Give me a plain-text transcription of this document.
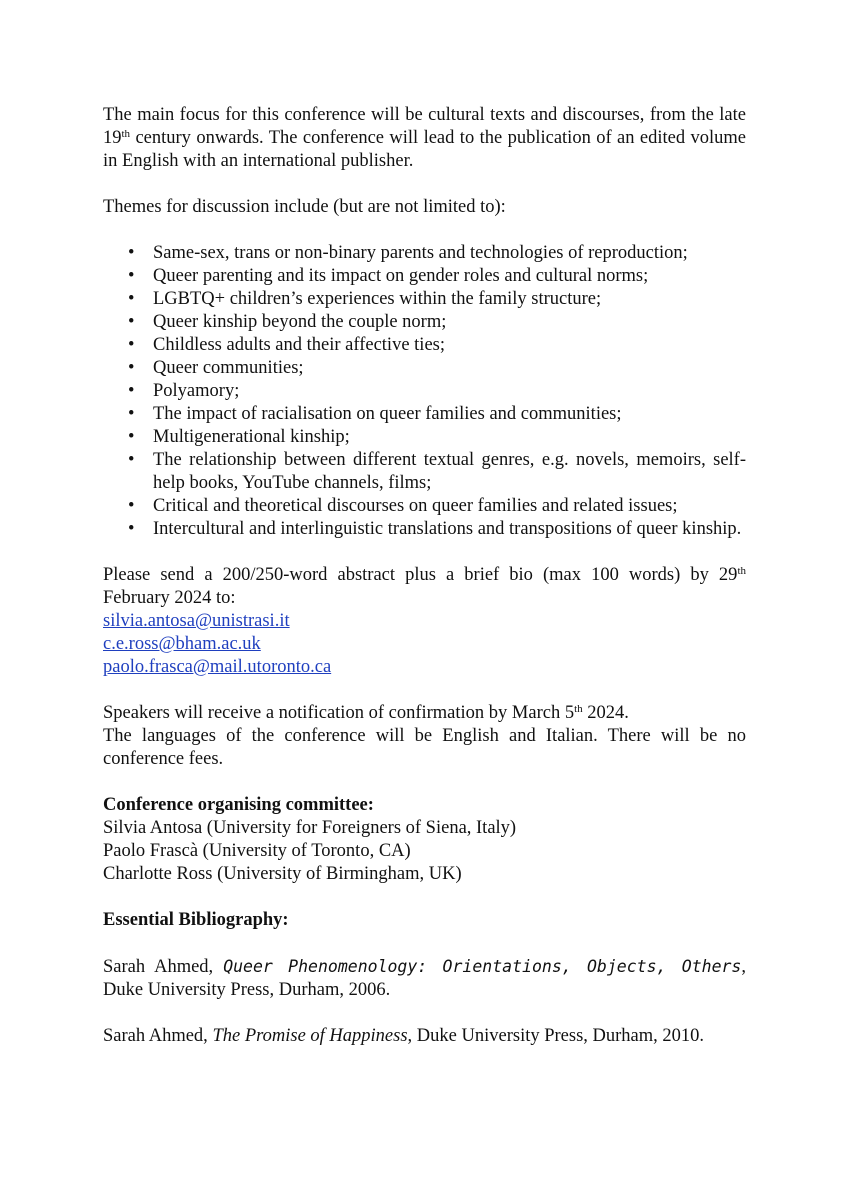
The main focus for this conference will be cultural texts and discourses, from the late 19th century onwards. The conference will lead to the publication of an edited volume in English with an international publisher.

Themes for discussion include (but are not limited to):

• Same-sex, trans or non-binary parents and technologies of reproduction;
• Queer parenting and its impact on gender roles and cultural norms;
• LGBTQ+ children’s experiences within the family structure;
• Queer kinship beyond the couple norm;
• Childless adults and their affective ties;
• Queer communities;
• Polyamory;
• The impact of racialisation on queer families and communities;
• Multigenerational kinship;
• The relationship between different textual genres, e.g. novels, memoirs, self-help books, YouTube channels, films;
• Critical and theoretical discourses on queer families and related issues;
• Intercultural and interlinguistic translations and transpositions of queer kinship.

Please send a 200/250-word abstract plus a brief bio (max 100 words) by 29th February 2024 to:

silvia.antosa@unistrasi.it
c.e.ross@bham.ac.uk
paolo.frasca@mail.utoronto.ca

Speakers will receive a notification of confirmation by March 5th 2024.

The languages of the conference will be English and Italian. There will be no conference fees.

Conference organising committee:

Silvia Antosa (University for Foreigners of Siena, Italy)

Paolo Frascà (University of Toronto, CA)

Charlotte Ross (University of Birmingham, UK)

Essential Bibliography:

Sarah Ahmed, Queer Phenomenology: Orientations, Objects, Others, Duke University Press, Durham, 2006.

Sarah Ahmed, The Promise of Happiness, Duke University Press, Durham, 2010.
